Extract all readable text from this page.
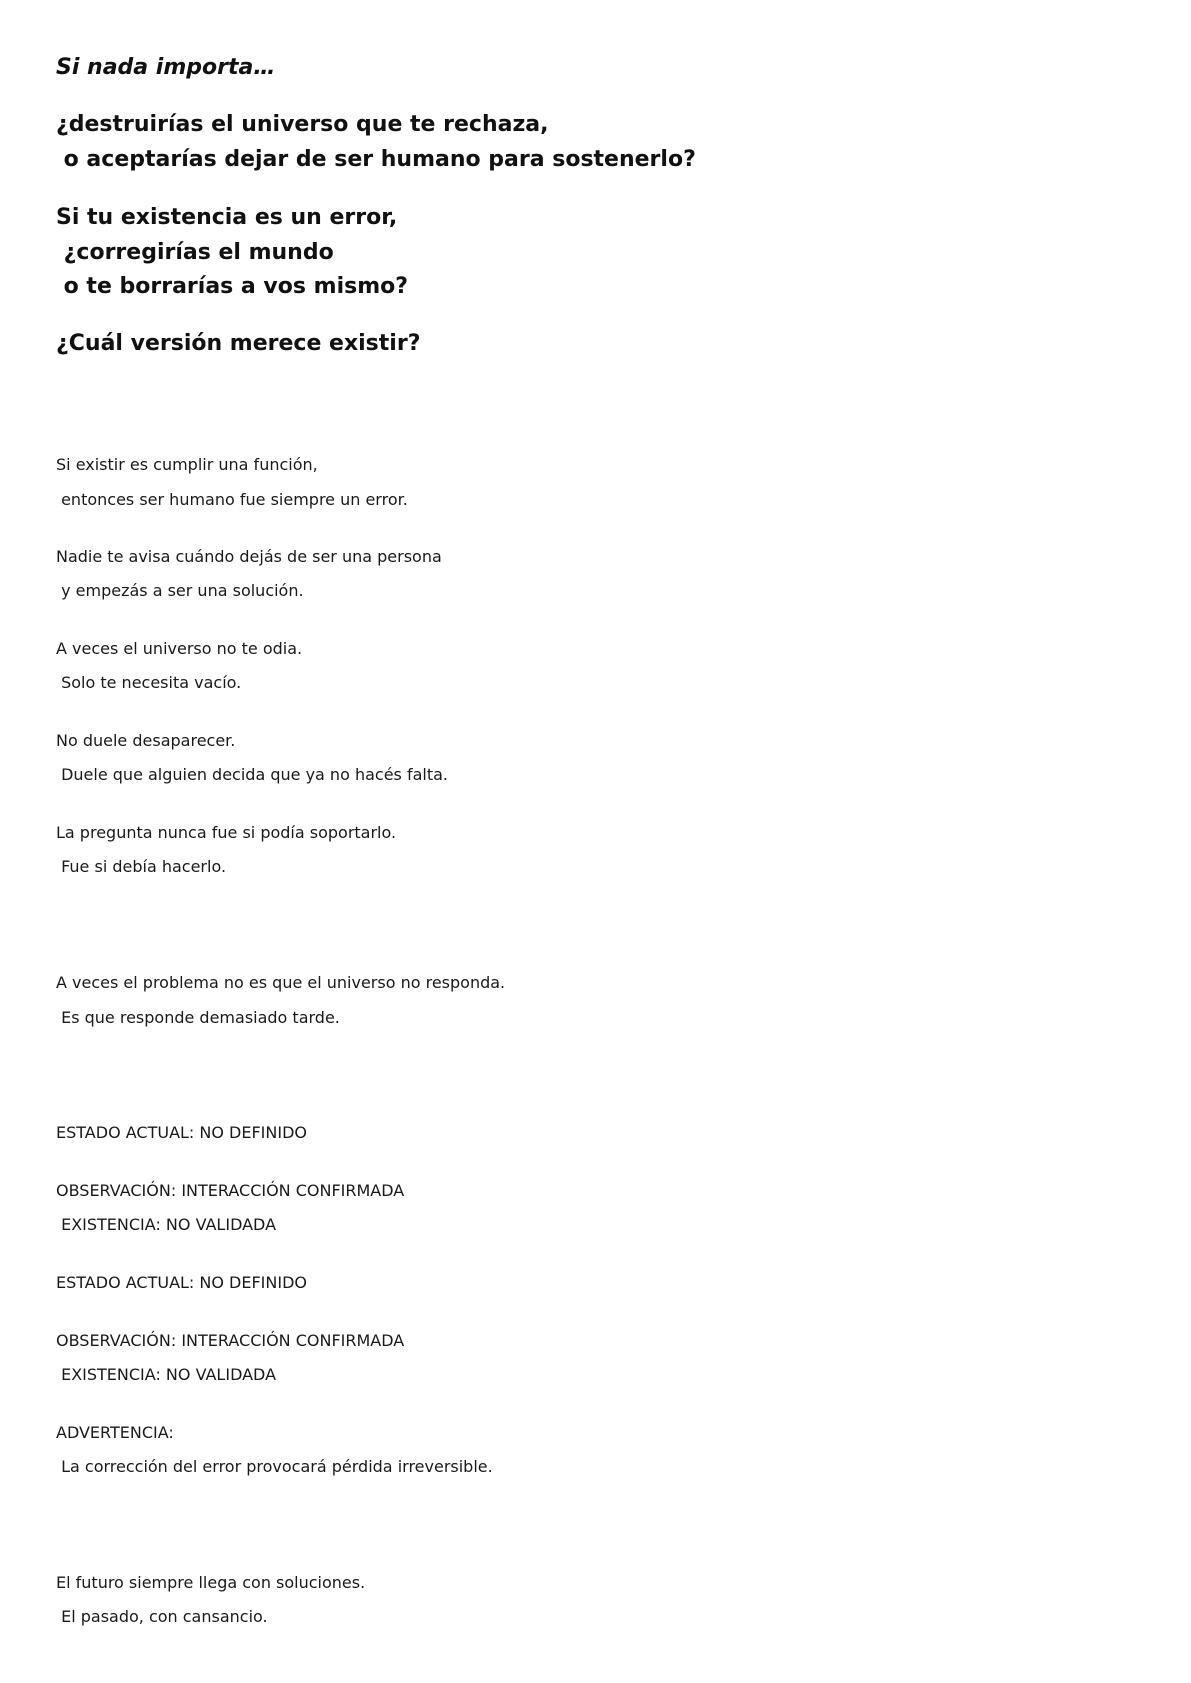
Si nada importa…
¿destruirías el universo que te rechaza,
o aceptarías dejar de ser humano para sostenerlo?
Si tu existencia es un error,
¿corregirías el mundo
o te borrarías a vos mismo?
¿Cuál versión merece existir?
Si existir es cumplir una función,
entonces ser humano fue siempre un error.
Nadie te avisa cuándo dejás de ser una persona
y empezás a ser una solución.
A veces el universo no te odia.
Solo te necesita vacío.
No duele desaparecer.
Duele que alguien decida que ya no hacés falta.
La pregunta nunca fue si podía soportarlo.
Fue si debía hacerlo.
A veces el problema no es que el universo no responda.
Es que responde demasiado tarde.
ESTADO ACTUAL: NO DEFINIDO
OBSERVACIÓN: INTERACCIÓN CONFIRMADA
EXISTENCIA: NO VALIDADA
ESTADO ACTUAL: NO DEFINIDO
OBSERVACIÓN: INTERACCIÓN CONFIRMADA
EXISTENCIA: NO VALIDADA
ADVERTENCIA:
La corrección del error provocará pérdida irreversible.
El futuro siempre llega con soluciones.
El pasado, con cansancio.
